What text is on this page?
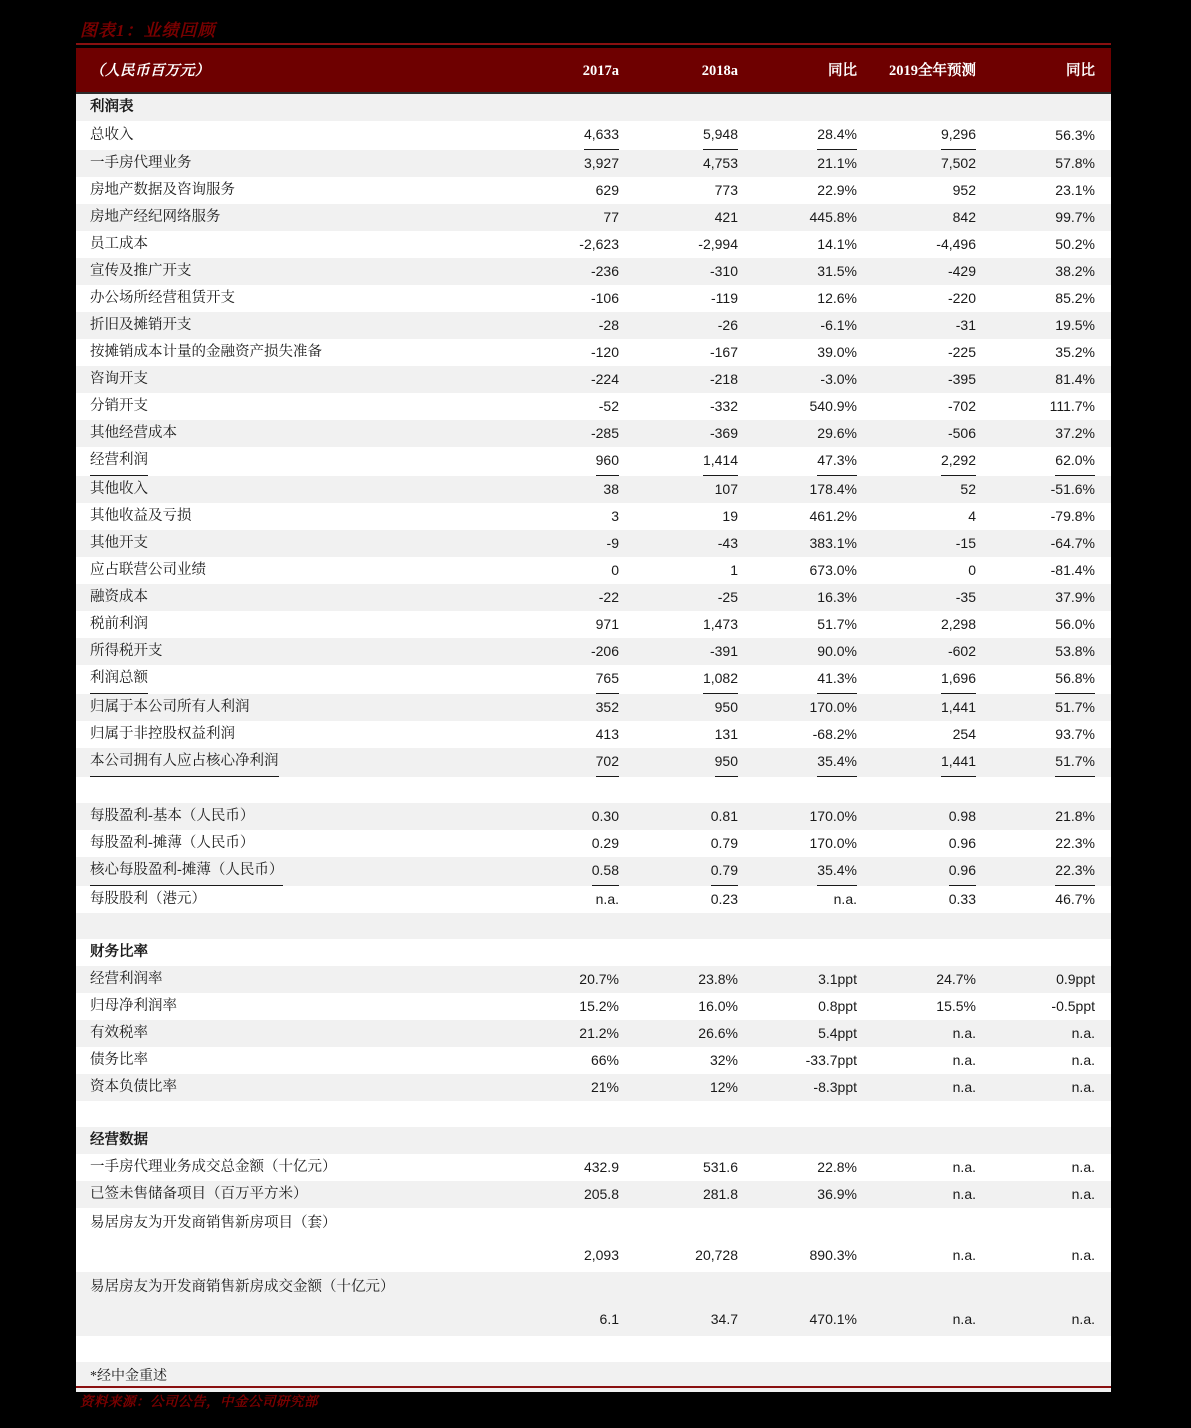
图表1：业绩回顾
（人民币百万元）	2017a	2018a	同比	2019全年预测	同比
利润表					
总收入	4,633	5,948	28.4%	9,296	56.3%
一手房代理业务	3,927	4,753	21.1%	7,502	57.8%
房地产数据及咨询服务	629	773	22.9%	952	23.1%
房地产经纪网络服务	77	421	445.8%	842	99.7%
员工成本	-2,623	-2,994	14.1%	-4,496	50.2%
宣传及推广开支	-236	-310	31.5%	-429	38.2%
办公场所经营租赁开支	-106	-119	12.6%	-220	85.2%
折旧及摊销开支	-28	-26	-6.1%	-31	19.5%
按摊销成本计量的金融资产损失准备	-120	-167	39.0%	-225	35.2%
咨询开支	-224	-218	-3.0%	-395	81.4%
分销开支	-52	-332	540.9%	-702	111.7%
其他经营成本	-285	-369	29.6%	-506	37.2%
经营利润	960	1,414	47.3%	2,292	62.0%
其他收入	38	107	178.4%	52	-51.6%
其他收益及亏损	3	19	461.2%	4	-79.8%
其他开支	-9	-43	383.1%	-15	-64.7%
应占联营公司业绩	0	1	673.0%	0	-81.4%
融资成本	-22	-25	16.3%	-35	37.9%
税前利润	971	1,473	51.7%	2,298	56.0%
所得税开支	-206	-391	90.0%	-602	53.8%
利润总额	765	1,082	41.3%	1,696	56.8%
归属于本公司所有人利润	352	950	170.0%	1,441	51.7%
归属于非控股权益利润	413	131	-68.2%	254	93.7%
本公司拥有人应占核心净利润	702	950	35.4%	1,441	51.7%

每股盈利-基本（人民币）	0.30	0.81	170.0%	0.98	21.8%
每股盈利-摊薄（人民币）	0.29	0.79	170.0%	0.96	22.3%
核心每股盈利-摊薄（人民币）	0.58	0.79	35.4%	0.96	22.3%
每股股利（港元）	n.a.	0.23	n.a.	0.33	46.7%

财务比率					
经营利润率	20.7%	23.8%	3.1ppt	24.7%	0.9ppt
归母净利润率	15.2%	16.0%	0.8ppt	15.5%	-0.5ppt
有效税率	21.2%	26.6%	5.4ppt	n.a.	n.a.
债务比率	66%	32%	-33.7ppt	n.a.	n.a.
资本负债比率	21%	12%	-8.3ppt	n.a.	n.a.

经营数据					
一手房代理业务成交总金额（十亿元）	432.9	531.6	22.8%	n.a.	n.a.
已签未售储备项目（百万平方米）	205.8	281.8	36.9%	n.a.	n.a.
易居房友为开发商销售新房项目（套）	2,093	20,728	890.3%	n.a.	n.a.
易居房友为开发商销售新房成交金额（十亿元）	6.1	34.7	470.1%	n.a.	n.a.

*经中金重述					
资料来源：公司公告，中金公司研究部
